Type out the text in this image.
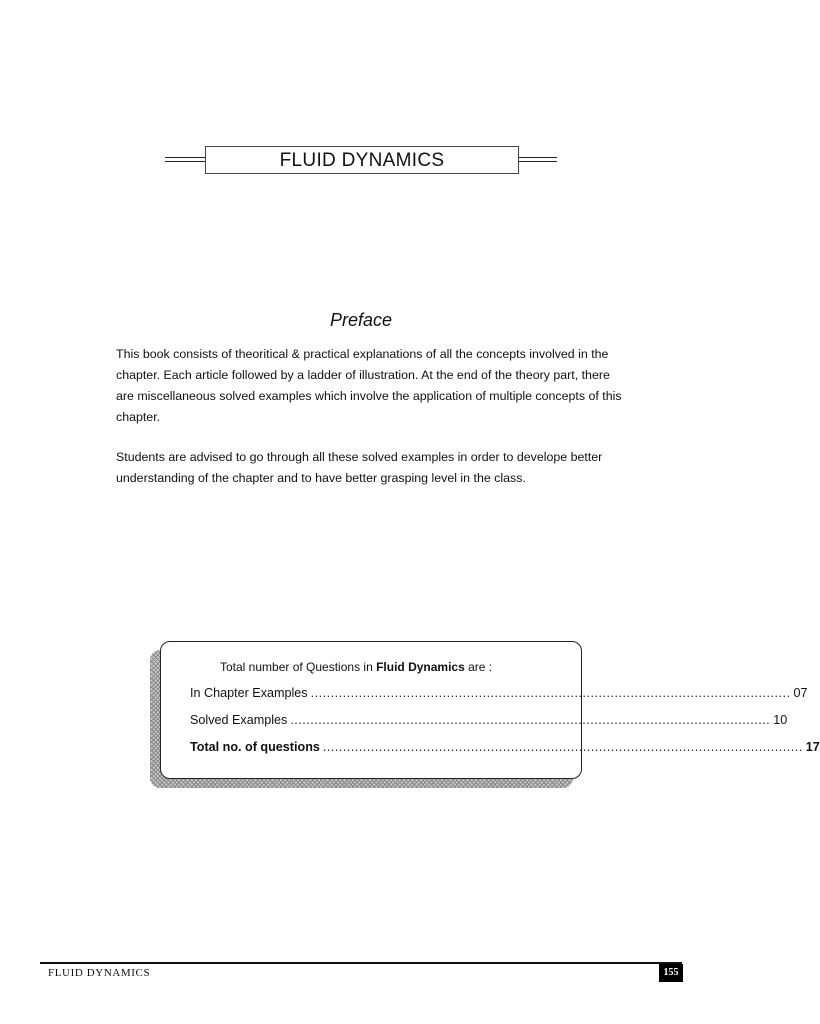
FLUID DYNAMICS
Preface

This book consists of theoritical & practical explanations of all the concepts involved in the chapter. Each article followed by a ladder of illustration. At the end of the theory part, there are miscellaneous solved examples which involve the application of multiple concepts of this chapter.

Students are advised to go through all these solved examples in order to develope better understanding of the chapter and to have better grasping level in the class.

Total number of Questions in Fluid Dynamics are :
In Chapter Examples ........................................................................................................................ 07
Solved Examples ........................................................................................................................ 10
Total no. of questions ........................................................................................................................ 17
FLUID DYNAMICS	155
